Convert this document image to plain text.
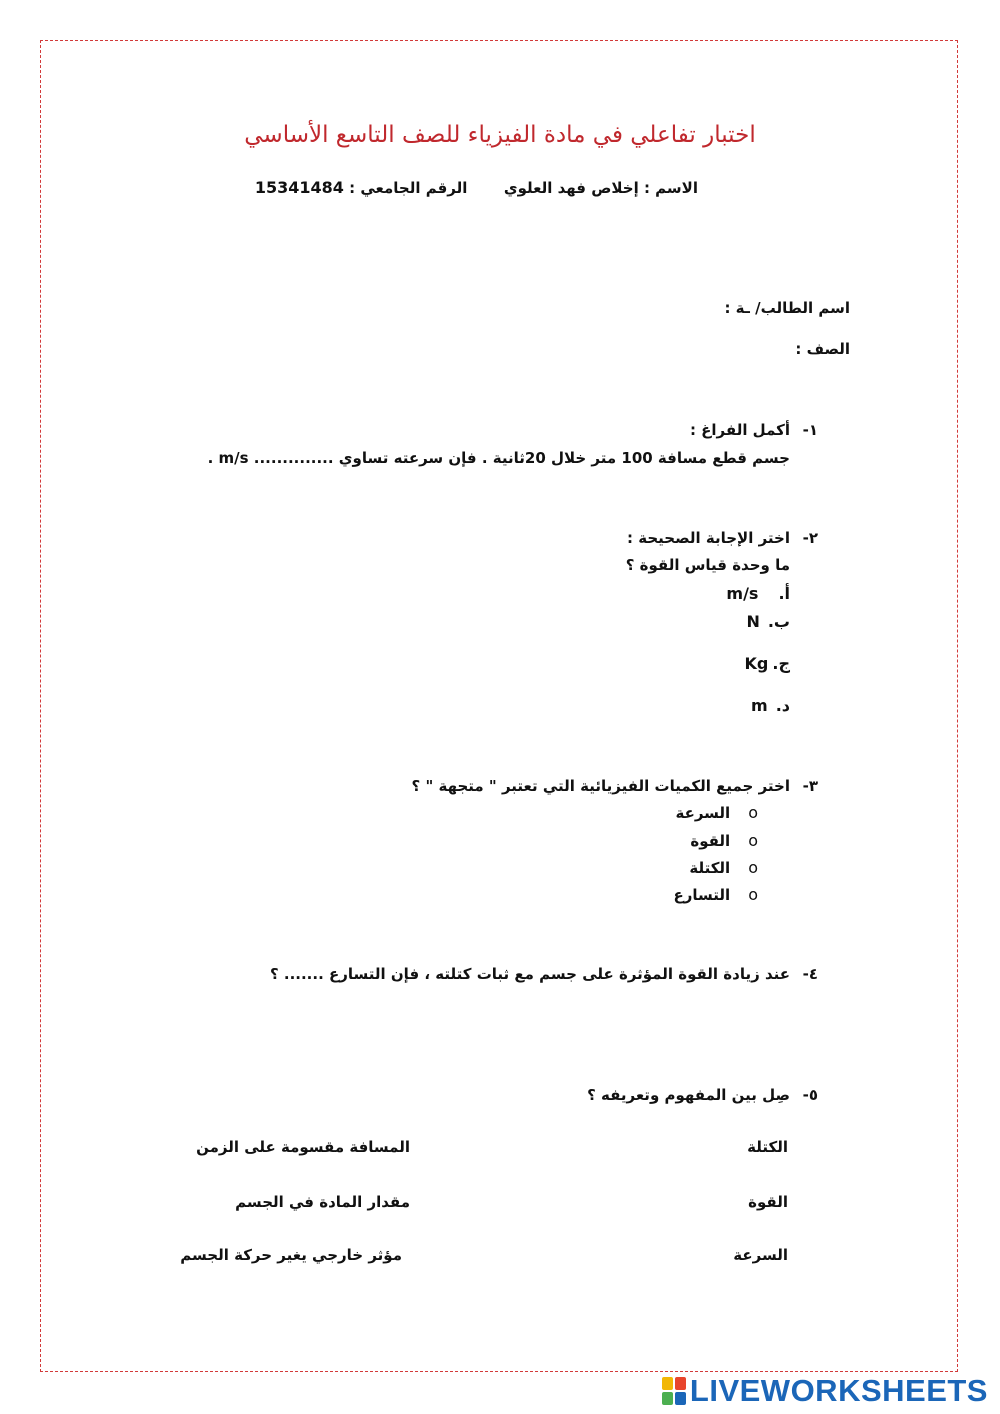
اختبار تفاعلي في مادة الفيزياء للصف التاسع الأساسي
الاسم : إخلاص فهد العلوي  الرقم الجامعي : 15341484
اسم الطالب/ ـة :
الصف :
١-
أكمل الفراغ :
جسم قطع مسافة 100 متر خلال 20ثانية . فإن سرعته تساوي .............. m/s .
٢-
اختر الإجابة الصحيحة :
ما وحدة قياس القوة ؟
أ.m/s
ب.N
ج.Kg
د.m
٣-
اختر جميع الكميات الفيزيائية التي تعتبر " متجهة " ؟
oالسرعة
oالقوة
oالكتلة
oالتسارع
٤-
عند زيادة القوة المؤثرة على جسم مع ثبات كتلته ، فإن التسارع ....... ؟
٥-
صِل بين المفهوم وتعريفه ؟
الكتلة
القوة
السرعة
المسافة مقسومة على الزمن
مقدار المادة في الجسم
مؤثر خارجي يغير حركة الجسم
LIVEWORKSHEETS
